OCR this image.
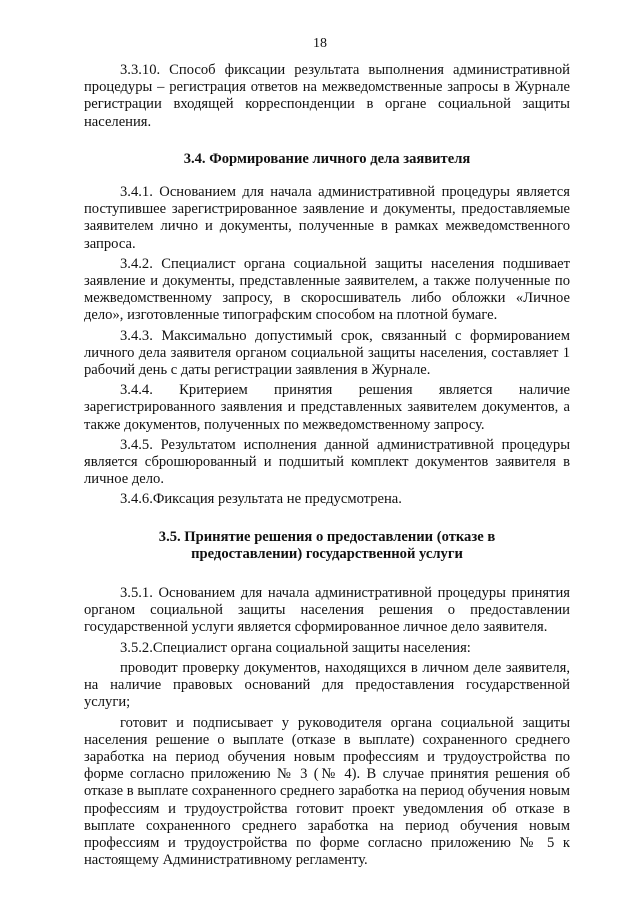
18

3.3.10. Способ фиксации результата выполнения административной процедуры – регистрация ответов на межведомственные запросы в Журнале регистрации входящей корреспонденции в органе социальной защиты населения.

3.4. Формирование личного дела заявителя

3.4.1. Основанием для начала административной процедуры является поступившее зарегистрированное заявление и документы, предоставляемые заявителем лично и документы, полученные в рамках межведомственного запроса.

3.4.2. Специалист органа социальной защиты населения подшивает заявление и документы, представленные заявителем, а также полученные по межведомственному запросу, в скоросшиватель либо обложки «Личное дело», изготовленные типографским способом на плотной бумаге.

3.4.3. Максимально допустимый срок, связанный с формированием личного дела заявителя органом социальной защиты населения, составляет 1 рабочий день с даты регистрации заявления в Журнале.

3.4.4. Критерием принятия решения является наличие зарегистрированного заявления и представленных заявителем документов, а также документов, полученных по межведомственному запросу.

3.4.5. Результатом исполнения данной административной процедуры является сброшюрованный и подшитый комплект документов заявителя в личное дело.

3.4.6.Фиксация результата не предусмотрена.

3.5. Принятие решения о предоставлении (отказе в

предоставлении) государственной услуги

3.5.1. Основанием для начала административной процедуры принятия органом социальной защиты населения решения о предоставлении государственной услуги является сформированное личное дело заявителя.

3.5.2.Специалист органа социальной защиты населения:

проводит проверку документов, находящихся в личном деле заявителя, на наличие правовых оснований для предоставления государственной услуги;

готовит и подписывает у руководителя органа социальной защиты населения решение о выплате (отказе в выплате) сохраненного среднего заработка на период обучения новым профессиям и трудоустройства по форме согласно приложению № 3 (№ 4). В случае принятия решения об отказе в выплате сохраненного среднего заработка на период обучения новым профессиям и трудоустройства готовит проект уведомления об отказе в выплате сохраненного среднего заработка на период обучения новым профессиям и трудоустройства по форме согласно приложению № 5 к настоящему Административному регламенту.
